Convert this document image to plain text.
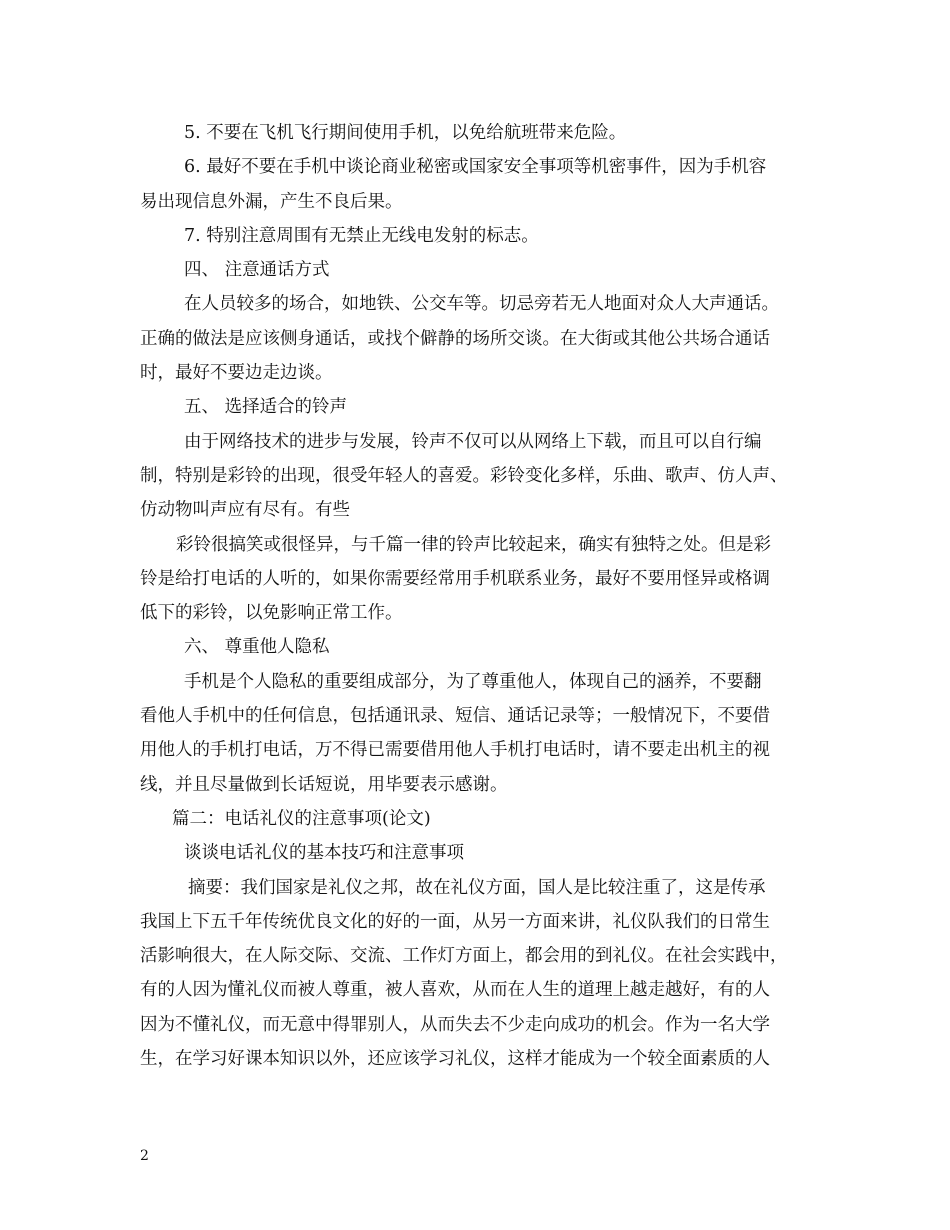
5. 不要在飞机飞行期间使用手机，以免给航班带来危险。
6. 最好不要在手机中谈论商业秘密或国家安全事项等机密事件，因为手机容
易出现信息外漏，产生不良后果。
7. 特别注意周围有无禁止无线电发射的标志。
四、 注意通话方式
在人员较多的场合，如地铁、公交车等。切忌旁若无人地面对众人大声通话。
正确的做法是应该侧身通话，或找个僻静的场所交谈。在大街或其他公共场合通话
时，最好不要边走边谈。
五、 选择适合的铃声
由于网络技术的进步与发展，铃声不仅可以从网络上下载，而且可以自行编
制，特别是彩铃的出现，很受年轻人的喜爱。彩铃变化多样，乐曲、歌声、仿人声、
仿动物叫声应有尽有。有些
彩铃很搞笑或很怪异，与千篇一律的铃声比较起来，确实有独特之处。但是彩
铃是给打电话的人听的，如果你需要经常用手机联系业务，最好不要用怪异或格调
低下的彩铃，以免影响正常工作。
六、 尊重他人隐私
手机是个人隐私的重要组成部分，为了尊重他人，体现自己的涵养，不要翻
看他人手机中的任何信息，包括通讯录、短信、通话记录等；一般情况下，不要借
用他人的手机打电话，万不得已需要借用他人手机打电话时，请不要走出机主的视
线，并且尽量做到长话短说，用毕要表示感谢。
篇二：电话礼仪的注意事项(论文)
谈谈电话礼仪的基本技巧和注意事项
摘要：我们国家是礼仪之邦，故在礼仪方面，国人是比较注重了，这是传承
我国上下五千年传统优良文化的好的一面，从另一方面来讲，礼仪队我们的日常生
活影响很大，在人际交际、交流、工作灯方面上，都会用的到礼仪。在社会实践中，
有的人因为懂礼仪而被人尊重，被人喜欢，从而在人生的道理上越走越好，有的人
因为不懂礼仪，而无意中得罪别人，从而失去不少走向成功的机会。作为一名大学
生，在学习好课本知识以外，还应该学习礼仪，这样才能成为一个较全面素质的人
2
